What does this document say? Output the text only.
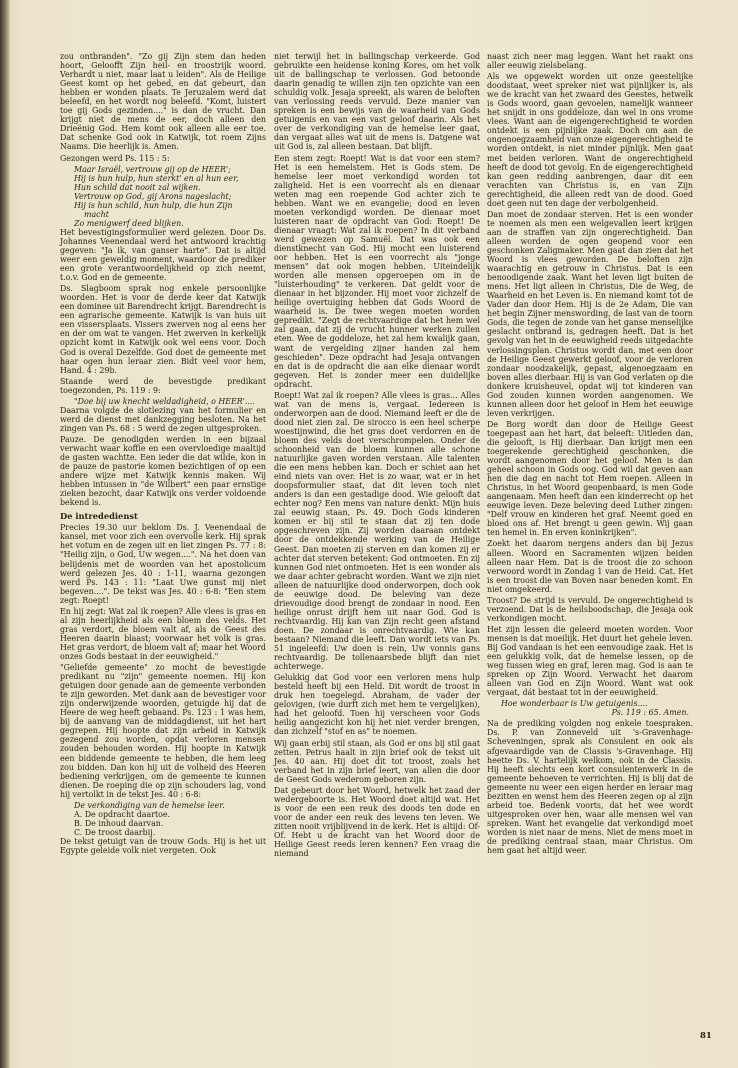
zou ontbranden". "Zo gij Zijn stem dan heden hoort, Geloofft Zijn heil- en troostrijk woord. Verhardt u niet, maar laat u leiden". Als de Heilige Geest komt op het gebed, en dat gebeurt, dan hebben er wonden plaats. Te Jeruzalem werd dat beleefd, en het wordt nog beleefd. "Komt, luistert toe gij Gods gezinden...." is dan de vrucht. Dan krijgt niet de mens de eer, doch alleen den Drieënig God. Hem komt ook alleen alle eer toe. Dat schenke God ook in Katwijk, tot roem Zijns Naams. Die heerlijk is. Amen.

Gezongen werd Ps. 115 : 5:

Maar Israël, vertrouw gij op de HEER';

Hij is hun hulp, hun sterkt' en al hun eer,

Hun schild dat nooit zal wijken.

Vertrouw op God, gij Arons nageslacht;

Hij is hun schild, hun hulp, die hun Zijn

macht

Zo menigwerf deed blijken.

Het bevestigingsformulier werd gelezen. Door Ds. Johannes Veenendaal werd het antwoord krachtig gegeven: "Ja ik, van ganser harte". Dat is altijd weer een geweldig moment, waardoor de prediker een grote verantwoordelijkheid op zich neemt, t.o.v. God en de gemeente.

Ds. Slagboom sprak nog enkele persoonlijke woorden. Het is voor de derde keer dat Katwijk een dominee uit Barendrecht krijgt. Barendrecht is een agrarische gemeente. Katwijk is van huis uit een vissersplaats. Vissers zwerven nog al eens her en der om wat te vangen. Het zwerven in kerkelijk opzicht komt in Katwijk ook wel eens voor. Doch God is overal Dezelfde. God doet de gemeente met haar ogen hun leraar zien. Bidt veel voor hem, Hand. 4 : 29b.

Staande werd de bevestigde predikant toegezonden, Ps. 119 : 9:

"Doe bij uw knecht weldadigheid, o HEER'....

Daarna volgde de slotlezing van het formulier en werd de dienst met dankzegging besloten. Na het zingen van Ps. 68 : 5 werd de zegen uitgesproken.

Pauze. De genodigden werden in een bijzaal verwacht waar koffie en een overvloedige maaltijd de gasten wachtte. Een ieder die dat wilde, kon in de pauze de pastorie komen bezichtigen of op een andere wijze met Katwijk kennis maken. Wij hebben intussen in "de Wilbert" een paar ernstige zieken bezocht, daar Katwijk ons verder voldoende bekend is.

De intrededienst

Precies 19.30 uur beklom Ds. J. Veenendaal de kansel, met voor zich een overvolle kerk. Hij sprak het votum en de zegen uit en liet zingen Ps. 77 : 8: "Heilig zijn, o God, Uw wegen....". Na het doen van belijdenis met de woorden van het apostolicum werd gelezen Jes. 40 : 1-11, waarna gezongen werd Ps. 143 : 11: "Laat Uwe gunst mij niet begeven....". De tekst was Jes. 40 : 6-8: "Een stem zegt: Roept!

En hij zegt: Wat zal ik roepen? Alle vlees is gras en al zijn heerlijkheid als een bloem des velds. Het gras verdort, de bloem valt af, als de Geest des Heeren daarin blaast; voorwaar het volk is gras. Het gras verdort, de bloem valt af; maar het Woord onzes Gods bestaat in der eeuwigheid."

"Geliefde gemeente" zo mocht de bevestigde predikant nu "zijn" gemeente noemen. Hij kon getuigen door genade aan de gemeente verbonden te zijn geworden. Met dank aan de bevestiger voor zijn onderwijzende woorden, getuigde hij dat de Heere de weg heeft gebaand. Ps. 123 : 1 was hem, bij de aanvang van de middagdienst, uit het hart gegrepen. Hij hoopte dat zijn arbeid in Katwijk gezegend zou worden, opdat verloren mensen zouden behouden worden. Hij hoopte in Katwijk een biddende gemeente te hebben, die hem leeg zou bidden. Dan kon hij uit de volheid des Heeren bediening verkrijgen, om de gemeente te kunnen dienen. De roeping die op zijn schouders lag, vond hij vertolkt in de tekst Jes. 40 : 6-8:

De verkondiging van de hemelse leer.

A. De opdracht daartoe.

B. De inhoud daarvan.

C. De troost daarbij.

De tekst getuigt van de trouw Gods. Hij is het uit Egypte geleide volk niet vergeten. Ook

niet terwijl het in ballingschap verkeerde. God gebruikte een heidense koning Kores, om het volk uit de ballingschap te verlossen. God betoonde daarin genadig te willen zijn ten opzichte van een schuldig volk. Jesaja spreekt, als waren de beloften van verlossing reeds vervuld. Deze manier van spreken is een bewijs van de waarheid van Gods getuigenis en van een vast geloof daarin. Als het over de verkondiging van de hemelse leer gaat, dan vergaat alles wat uit de mens is. Datgene wat uit God is, zal alleen bestaan. Dat blijft.

Een stem zegt: Roept! Wat is dat voor een stem? Het is een hemelstem. Het is Gods stem. De hemelse leer moet verkondigd worden tot zaligheid. Het is een voorrecht als en dienaar weten mag een roepende God achter zich te hebben. Want we en evangelie; dood en leven moeten verkondigd worden. De dienaar moet luisteren naar de opdracht van God: Roept! De dienaar vraagt: Wat zal ik roepen? In dit verband werd gewezen op Samuël. Dat was ook een dienstknecht van God. Hij mocht een luisterend oor hebben. Het is een voorrecht als "jonge mensen" dat ook mogen hebben. Uiteindelijk worden alle mensen opgeroepen om in de "luisterhouding" te verkeren. Dat geldt voor de dienaar in het bijzonder. Hij moet voor zichzelf de heilige overtuiging hebben dat Gods Woord de waarheid is. De twee wegen moeten worden gepredikt. "Zegt de rechtvaardige dat het hem wel zal gaan, dat zij de vrucht hunner werken zullen eten. Wee de goddeloze, het zal hem kwalijk gaan, want de vergelding zijner handen zal hem geschieden". Deze opdracht had Jesaja ontvangen en dat is de opdracht die aan elke dienaar wordt gegeven. Het is zonder meer een duidelijke opdracht.

Roept! Wat zal ik roepen? Alle vlees is gras... Alles wat van de mens is, vergaat. Iedereen is onderworpen aan de dood. Niemand leeft er die de dood niet zien zal. De sirocco is een heel scherpe woestijnwind, die het gras doet verdorren en de bloem des velds doet verschrompelen. Onder de schoonheid van de bloem kunnen alle schone natuurlijke gaven worden verstaan. Alle talenten die een mens hebben kan. Doch er schiet aan het eind niets van over. Het is zo waar, wat er in het doopsformulier staat, dat dit leven toch niet anders is dan een gestadige dood. Wie gelooft dat echter nog? Een mens van nature denkt: Mijn huis zal eeuwig staan, Ps. 49. Doch Gods kinderen komen er bij stil te staan dat zij ten dode opgeschreven zijn. Zij worden daaraan ontdekt door de ontdekkende werking van de Heilige Geest. Dan moeten zij sterven en dan komen zij er achter dat sterven betekent: God ontmoeten. En zij kunnen God niet ontmoeten. Het is een wonder als we daar achter gebracht worden. Want we zijn niet alleen de natuurlijke dood onderworpen, doch ook de eeuwige dood. De beleving van deze drievoudige dood brengt de zondaar in nood. Een heilige onrust drijft hem uit naar God. God is rechtvaardig. Hij kan van Zijn recht geen afstand doen. De zondaar is onrechtvaardig. Wie kan bestaan? Niemand die leeft. Dan wordt iets van Ps. 51 ingeleefd: Uw doen is rein, Uw vonnis gans rechtvaardig. De tollenaarsbede blijft dan niet achterwege.

Gelukkig dat God voor een verloren mens hulp besteld heeft bij een Held. Dit wordt de troost in druk hen toegelegd. Abraham, de vader der gelovigen, (wie durft zich met hem te vergelijken), had het geloofd. Toen hij verscheen voor Gods heilig aangezicht kon hij het niet verder brengen, dan zichzelf "stof en as" te noemen.

Wij gaan erbij stil staan, als God er ons bij stil gaat zetten. Petrus haalt in zijn brief ook de tekst uit Jes. 40 aan. Hij doet dit tot troost, zoals het verband het in zijn brief leert, van allen die door de Geest Gods wederom geboren zijn.

Dat gebeurt door het Woord, hetwelk het zaad der wedergeboorte is. Het Woord doet altijd wat. Het is voor de een een reuk des doods ten dode en voor de ander een reuk des levens ten leven. We zitten nooit vrijblijvend in de kerk. Het is altijd: Of-Of. Hebt u de kracht van het Woord door de Heilige Geest reeds leren kennen? Een vraag die niemand

naast zich neer mag leggen. Want het raakt ons aller eeuwig zielsbelang.

Als we opgewekt worden uit onze geestelijke doodstaat, weet spreker niet wat pijnlijker is, als we de kracht van het zwaard des Geestes, hetwelk is Gods woord, gaan gevoelen, namelijk wanneer het snijdt in ons goddeloze, dan wel in ons vrome vlees. Want aan de eigengerechtigheid te worden ontdekt is een pijnlijke zaak. Doch om aan de ongenoegzaamheid van onze eigengerechtigheid te worden ontdekt, is niet minder pijnlijk. Men gaat met beiden verloren. Want de ongerechtigheid heeft de dood tot gevolg. En de eigengerechtigheid kan geen redding aanbrengen, daar dit een verachten van Christus is, en van Zijn gerechtigheid, die alleen redt van de dood. Goed doet geen nut ten dage der verbolgenheid.

Dan moet de zondaar sterven. Het is een wonder te noemen als men een welgevallen leert krijgen aan de straffen van zijn ongerechtigheid. Dan alleen worden de ogen geopend voor een geschonken Zaligmaker. Men gaat dan zien dat het Woord is vlees geworden. De beloften zijn waarachtig en getrouw in Christus. Dat is een benoodigende zaak. Want het leven ligt buiten de mens. Het ligt alleen in Christus, Die de Weg, de Waarheid en het Leven is. En niemand komt tot de Vader dan door Hem. Hij is de 2e Adam, Die van het begin Zijner menswording, de last van de toorn Gods, die tegen de zonde van het ganse menselijke geslacht ontbrand is, gedragen heeft. Dat is het gevolg van het in de eeuwigheid reeds uitgedachte verlossingsplan. Christus wordt dan, met een door de Heilige Geest gewerkt geloof, voor de verloren zondaar noodzakelijk, gepast, algenoegzaam en boven alles dierbaar. Hij is van God verlaten op die donkere kruisheuvel, opdat wij tot kinderen van God zouden kunnen worden aangenomen. We kunnen alleen door het geloof in Hem het eeuwige leven verkrijgen.

De Borg wordt dan door de Heilige Geest toegepast aan het hart, dat beleeft: Uitleden dan, die gelooft, is Hij dierbaar. Dan krijgt men een toegerekende gerechtigheid geschonken, die wordt aangenomen door het geloof. Men is dan geheel schoon in Gods oog. God wil dat geven aan hen die dag en nacht tot Hem roepen. Alleen in Christus, in het Woord geopenbaard, is men Gode aangenaam. Men heeft dan een kinderrecht op het eeuwige leven. Deze beleving deed Luther zingen: "Delf vrouw en kinderen het graf. Neemt goed en bloed ons af. Het brengt u geen gewin. Wij gaan ten hemel in. En erven koninkrijken".

Zoekt het daarom nergens anders dan bij Jezus alleen. Woord en Sacramenten wijzen beiden alleen naar Hem. Dat is de troost die zo schoon verwoord wordt in Zondag 1 van de Heid. Cat. Het is een troost die van Boven naar beneden komt. En niet omgekeerd.

Troost? De strijd is vervuld. De ongerechtigheid is verzoend. Dat is de heilsboodschap, die Jesaja ook verkondigen mocht.

Het zijn lessen die geleerd moeten worden. Voor mensen is dat moeilijk. Het duurt het gehele leven. Bij God vandaan is het een eenvoudige zaak. Het is een gelukkig volk, dat de hemelse lessen, op de weg tussen wieg en graf, leren mag. God is aan te spreken op Zijn Woord. Verwacht het daarom alleen van God en Zijn Woord. Want wat ook vergaat, dát bestaat tot in der eeuwigheid.

Hoe wonderbaar is Uw getuigenis....

Ps. 119 : 65. Amen.

Na de prediking volgden nog enkele toespraken. Ds. P. van Zonneveld uit 's-Gravenhage-Scheveningen, sprak als Consulent en ook als afgevaardigde van de Classis 's-Gravenhage. Hij heette Ds. V. hartelijk welkom, ook in de Classis. Hij heeft slechts een kort consulentenwerk in de gemeente behoeven te verrichten. Hij is blij dat de gemeente nu weer een eigen herder en leraar mag bezitten en wenst hem des Heeren zegen op al zijn arbeid toe. Bedenk voorts, dat het wee wordt uitgesproken over hen, waar alle mensen wel van spreken. Want het evangelie dat verkondigd moet worden is niet naar de mens. Niet de mens moet in de prediking centraal staan, maar Christus. Om hem gaat het altijd weer.

81
